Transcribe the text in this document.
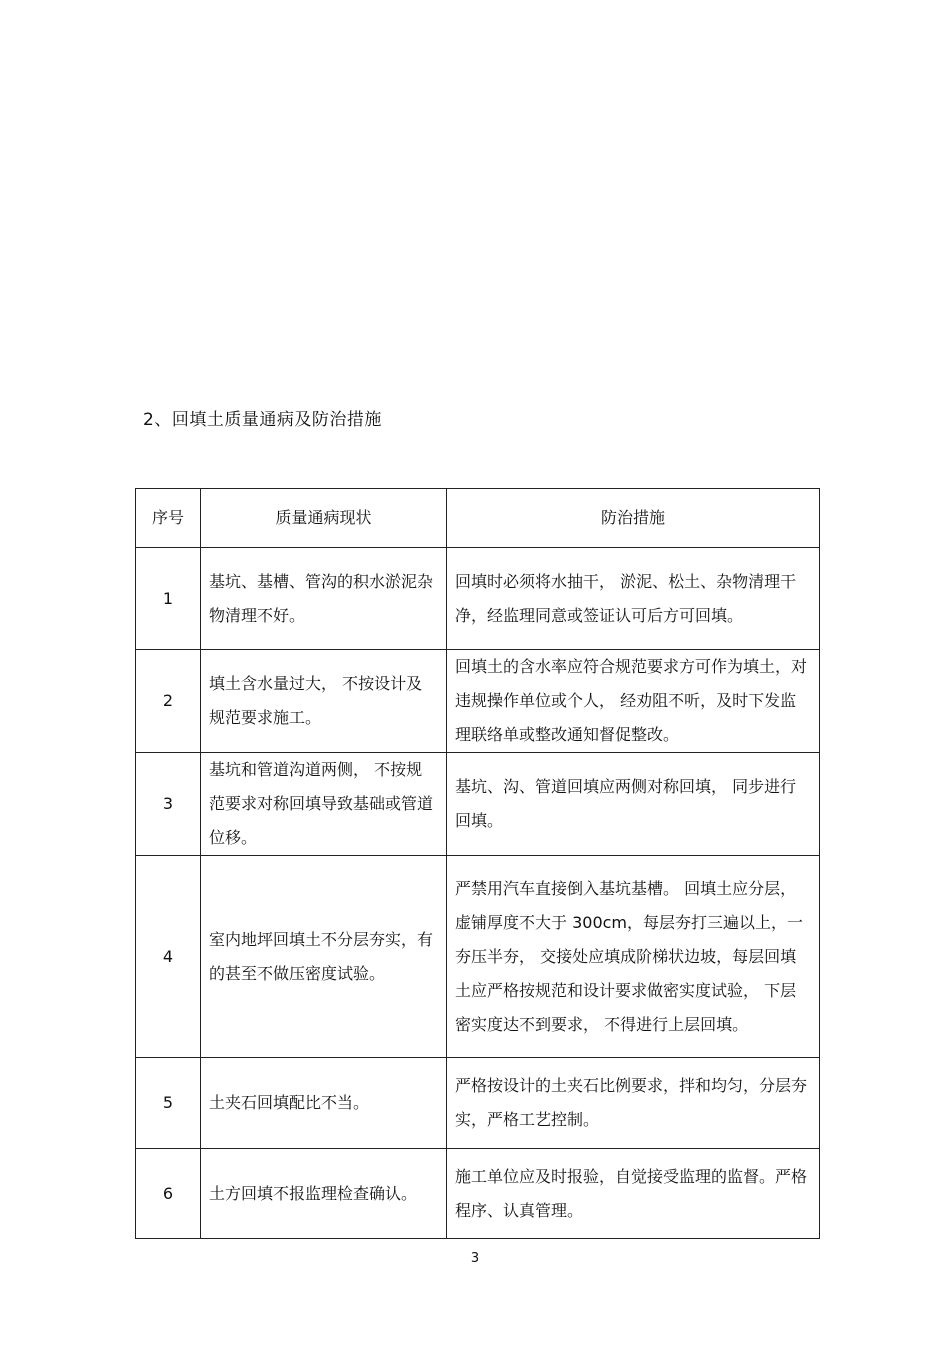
2、回填土质量通病及防治措施
序号	质量通病现状	防治措施
1	基坑、基槽、管沟的积水淤泥杂物清理不好。	回填时必须将水抽干， 淤泥、松土、杂物清理干净，经监理同意或签证认可后方可回填。
2	填土含水量过大， 不按设计及规范要求施工。	回填土的含水率应符合规范要求方可作为填土，对违规操作单位或个人， 经劝阻不听，及时下发监理联络单或整改通知督促整改。
3	基坑和管道沟道两侧， 不按规范要求对称回填导致基础或管道位移。	基坑、沟、管道回填应两侧对称回填， 同步进行回填。
4	室内地坪回填土不分层夯实，有的甚至不做压密度试验。	严禁用汽车直接倒入基坑基槽。 回填土应分层，虚铺厚度不大于 300cm，每层夯打三遍以上，一夯压半夯， 交接处应填成阶梯状边坡，每层回填土应严格按规范和设计要求做密实度试验， 下层密实度达不到要求， 不得进行上层回填。
5	土夹石回填配比不当。	严格按设计的土夹石比例要求，拌和均匀，分层夯实，严格工艺控制。
6	土方回填不报监理检查确认。	施工单位应及时报验，自觉接受监理的监督。严格程序、认真管理。
3
